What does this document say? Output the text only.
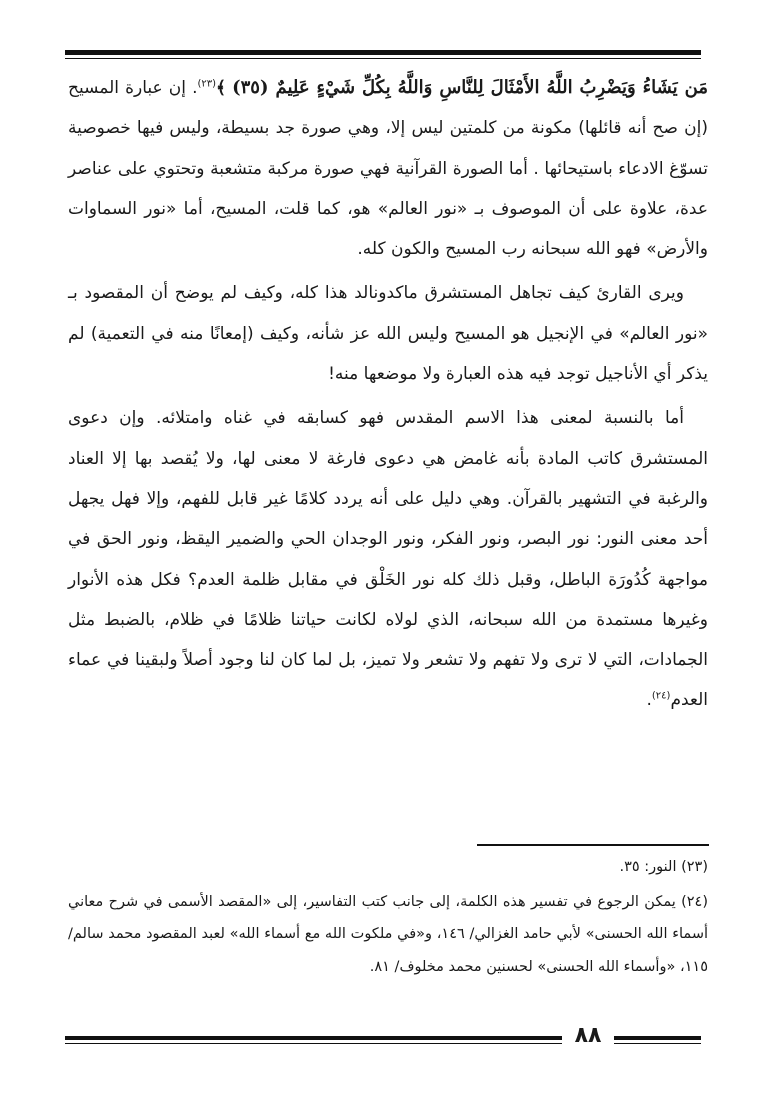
مَن يَشَاءُ وَيَضْرِبُ اللَّهُ الأَمْثَالَ لِلنَّاسِ وَاللَّهُ بِكُلِّ شَيْءٍ عَلِيمٌ (٣٥) ﴾$^{(٢٣)}$. إن عبارة المسيح (إن صح أنه قائلها) مكونة من كلمتين ليس إلا، وهي صورة جد بسيطة، وليس فيها خصوصية تسوّغ الادعاء باستيحائها . أما الصورة القرآنية فهي صورة مركبة متشعبة وتحتوي على عناصر عدة، علاوة على أن الموصوف بـ «نور العالم» هو، كما قلت، المسيح، أما «نور السماوات والأرض» فهو الله سبحانه رب المسيح والكون كله.

ويرى القارئ كيف تجاهل المستشرق ماكدونالد هذا كله، وكيف لم يوضح أن المقصود بـ «نور العالم» في الإنجيل هو المسيح وليس الله عز شأنه، وكيف (إمعانًا منه في التعمية) لم يذكر أي الأناجيل توجد فيه هذه العبارة ولا موضعها منه!

أما بالنسبة لمعنى هذا الاسم المقدس فهو كسابقه في غناه وامتلائه. وإن دعوى المستشرق كاتب المادة بأنه غامض هي دعوى فارغة لا معنى لها، ولا يُقصد بها إلا العناد والرغبة في التشهير بالقرآن. وهي دليل على أنه يردد كلامًا غير قابل للفهم، وإلا فهل يجهل أحد معنى النور: نور البصر، ونور الفكر، ونور الوجدان الحي والضمير اليقظ، ونور الحق في مواجهة كُدُورَة الباطل، وقبل ذلك كله نور الخَلْق في مقابل ظلمة العدم؟ فكل هذه الأنوار وغيرها مستمدة من الله سبحانه، الذي لولاه لكانت حياتنا ظلامًا في ظلام، بالضبط مثل الجمادات، التي لا ترى ولا تفهم ولا تشعر ولا تميز، بل لما كان لنا وجود أصلاً ولبقينا في عماء العدم$^{(٢٤)}$.

(٢٣) النور: ٣٥.

(٢٤) يمكن الرجوع في تفسير هذه الكلمة، إلى جانب كتب التفاسير، إلى «المقصد الأسمى في شرح معاني أسماء الله الحسنى» لأبي حامد الغزالي/ ١٤٦، و«في ملكوت الله مع أسماء الله» لعبد المقصود محمد سالم/ ١١٥، «وأسماء الله الحسنى» لحسنين محمد مخلوف/ ٨١.

٨٨
